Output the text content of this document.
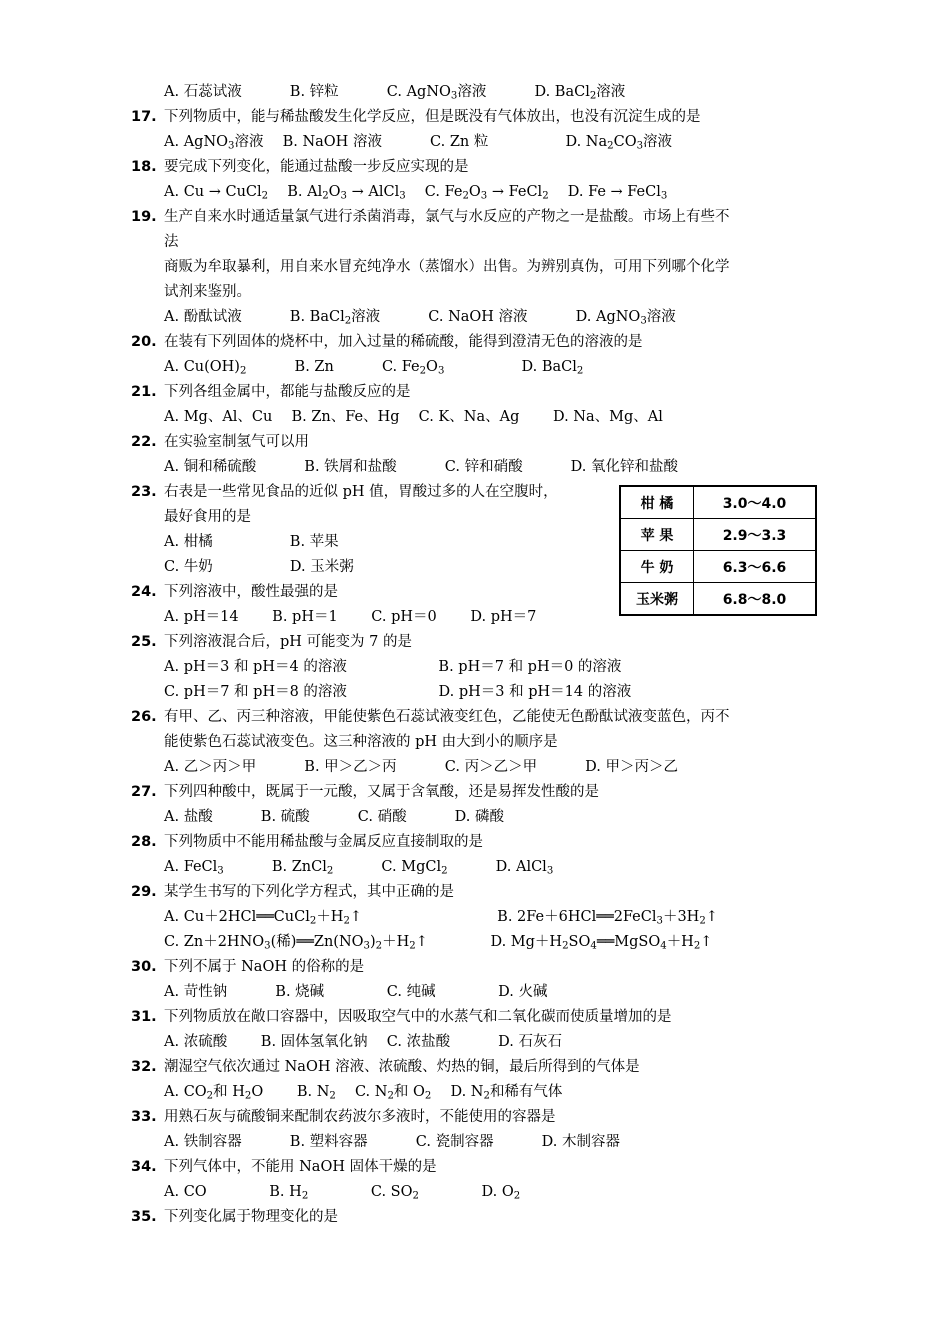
A. 石蕊试液　　　 B. 锌粒　　　 C. AgNO$_3$溶液　　　 D. BaCl$_2$溶液
17. 下列物质中，能与稀盐酸发生化学反应，但是既没有气体放出，也没有沉淀生成的是
A. AgNO$_3$溶液　 B. NaOH 溶液　　　 C. Zn 粒　　　　　 D. $Na_2CO_3$溶液
18. 要完成下列变化，能通过盐酸一步反应实现的是
A. Cu → CuCl$_2$　 B. $Al_2O_3$ → AlCl$_3$　 C. $Fe_2O_3$ → FeCl$_2$　 D. Fe → FeCl$_3$
19. 生产自来水时通适量氯气进行杀菌消毒，氯气与水反应的产物之一是盐酸。市场上有些不
法
商贩为牟取暴利，用自来水冒充纯净水（蒸馏水）出售。为辨别真伪，可用下列哪个化学
试剂来鉴别。
A. 酚酞试液　　　 B. BaCl$_2$溶液　　　 C. NaOH 溶液　　　 D. AgNO$_3$溶液
20. 在装有下列固体的烧杯中，加入过量的稀硫酸，能得到澄清无色的溶液的是
A. $Cu(OH)_2$　　　 B. Zn　　　 C. $Fe_2O_3$　　　　　 D. BaCl$_2$
21. 下列各组金属中，都能与盐酸反应的是
A. Mg、Al、Cu　 B. Zn、Fe、Hg　 C. K、Na、Ag　　 D. Na、Mg、Al
22. 在实验室制氢气可以用
A. 铜和稀硫酸　　　 B. 铁屑和盐酸　　　 C. 锌和硝酸　　　 D. 氧化锌和盐酸
23. 右表是一些常见食品的近似 pH 值，胃酸过多的人在空腹时，
最好食用的是
A. 柑橘　　　　　 B. 苹果
C. 牛奶　　　　　 D. 玉米粥
24. 下列溶液中，酸性最强的是
A. pH＝14　　 B. pH＝1　　 C. pH＝0　　 D. pH＝7
25. 下列溶液混合后，pH 可能变为 7 的是
A. pH＝3 和 pH＝4 的溶液　　　　　　 B. pH＝7 和 pH＝0 的溶液
C. pH＝7 和 pH＝8 的溶液　　　　　　 D. pH＝3 和 pH＝14 的溶液
26. 有甲、乙、丙三种溶液，甲能使紫色石蕊试液变红色，乙能使无色酚酞试液变蓝色，丙不
能使紫色石蕊试液变色。这三种溶液的 pH 由大到小的顺序是
A. 乙＞丙＞甲　　　 B. 甲＞乙＞丙　　　 C. 丙＞乙＞甲　　　 D. 甲＞丙＞乙
27. 下列四种酸中，既属于一元酸，又属于含氧酸，还是易挥发性酸的是
A. 盐酸　　　 B. 硫酸　　　 C. 硝酸　　　 D. 磷酸
28. 下列物质中不能用稀盐酸与金属反应直接制取的是
A. FeCl$_3$　　　 B. ZnCl$_2$　　　 C. MgCl$_2$　　　 D. AlCl$_3$
29. 某学生书写的下列化学方程式，其中正确的是
A. $Cu+2HCl══CuCl_2+H_2↑$　　　　　　　　　 B. $2Fe+6HCl══2FeCl_3+3H_2↑$
C. $Zn+2HNO_3$(稀)$══Zn(NO_3)_2+H_2↑$　　　　 D. $Mg+H_2SO_4══MgSO_4+H_2↑$
30. 下列不属于 NaOH 的俗称的是
A. 苛性钠　　　 B. 烧碱　　　　 C. 纯碱　　　　 D. 火碱
31. 下列物质放在敞口容器中，因吸取空气中的水蒸气和二氧化碳而使质量增加的是
A. 浓硫酸　　 B. 固体氢氧化钠　 C. 浓盐酸　　　 D. 石灰石
32. 潮湿空气依次通过 NaOH 溶液、浓硫酸、灼热的铜，最后所得到的气体是
A. $CO_2$和 $H_2O$　　 B. $N_2$　 C. $N_2$和 $O_2$　 D. $N_2$和稀有气体
33. 用熟石灰与硫酸铜来配制农药波尔多液时，不能使用的容器是
A. 铁制容器　　　 B. 塑料容器　　　 C. 瓷制容器　　　 D. 木制容器
34. 下列气体中，不能用 NaOH 固体干燥的是
A. CO　　　　 B. $H_2$　　　　 C. $SO_2$　　　　 D. $O_2$
35. 下列变化属于物理变化的是
柑 橘	3.0～4.0
苹 果	2.9～3.3
牛 奶	6.3～6.6
玉米粥	6.8～8.0
